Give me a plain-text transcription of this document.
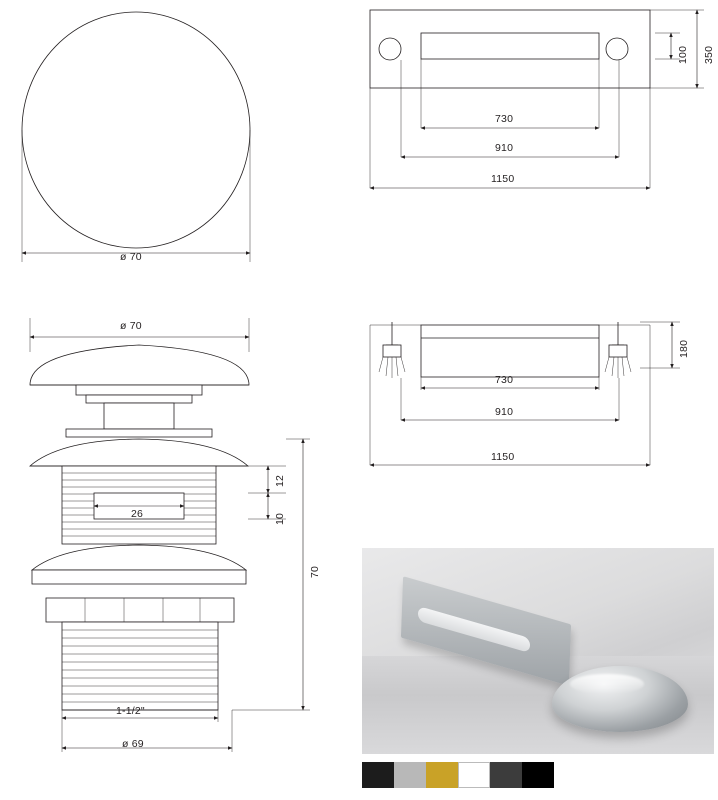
ø 70
100 350
730
910
1150
ø 70
26
12
10
70
1-1/2"
ø 69
180
730
910
1150
